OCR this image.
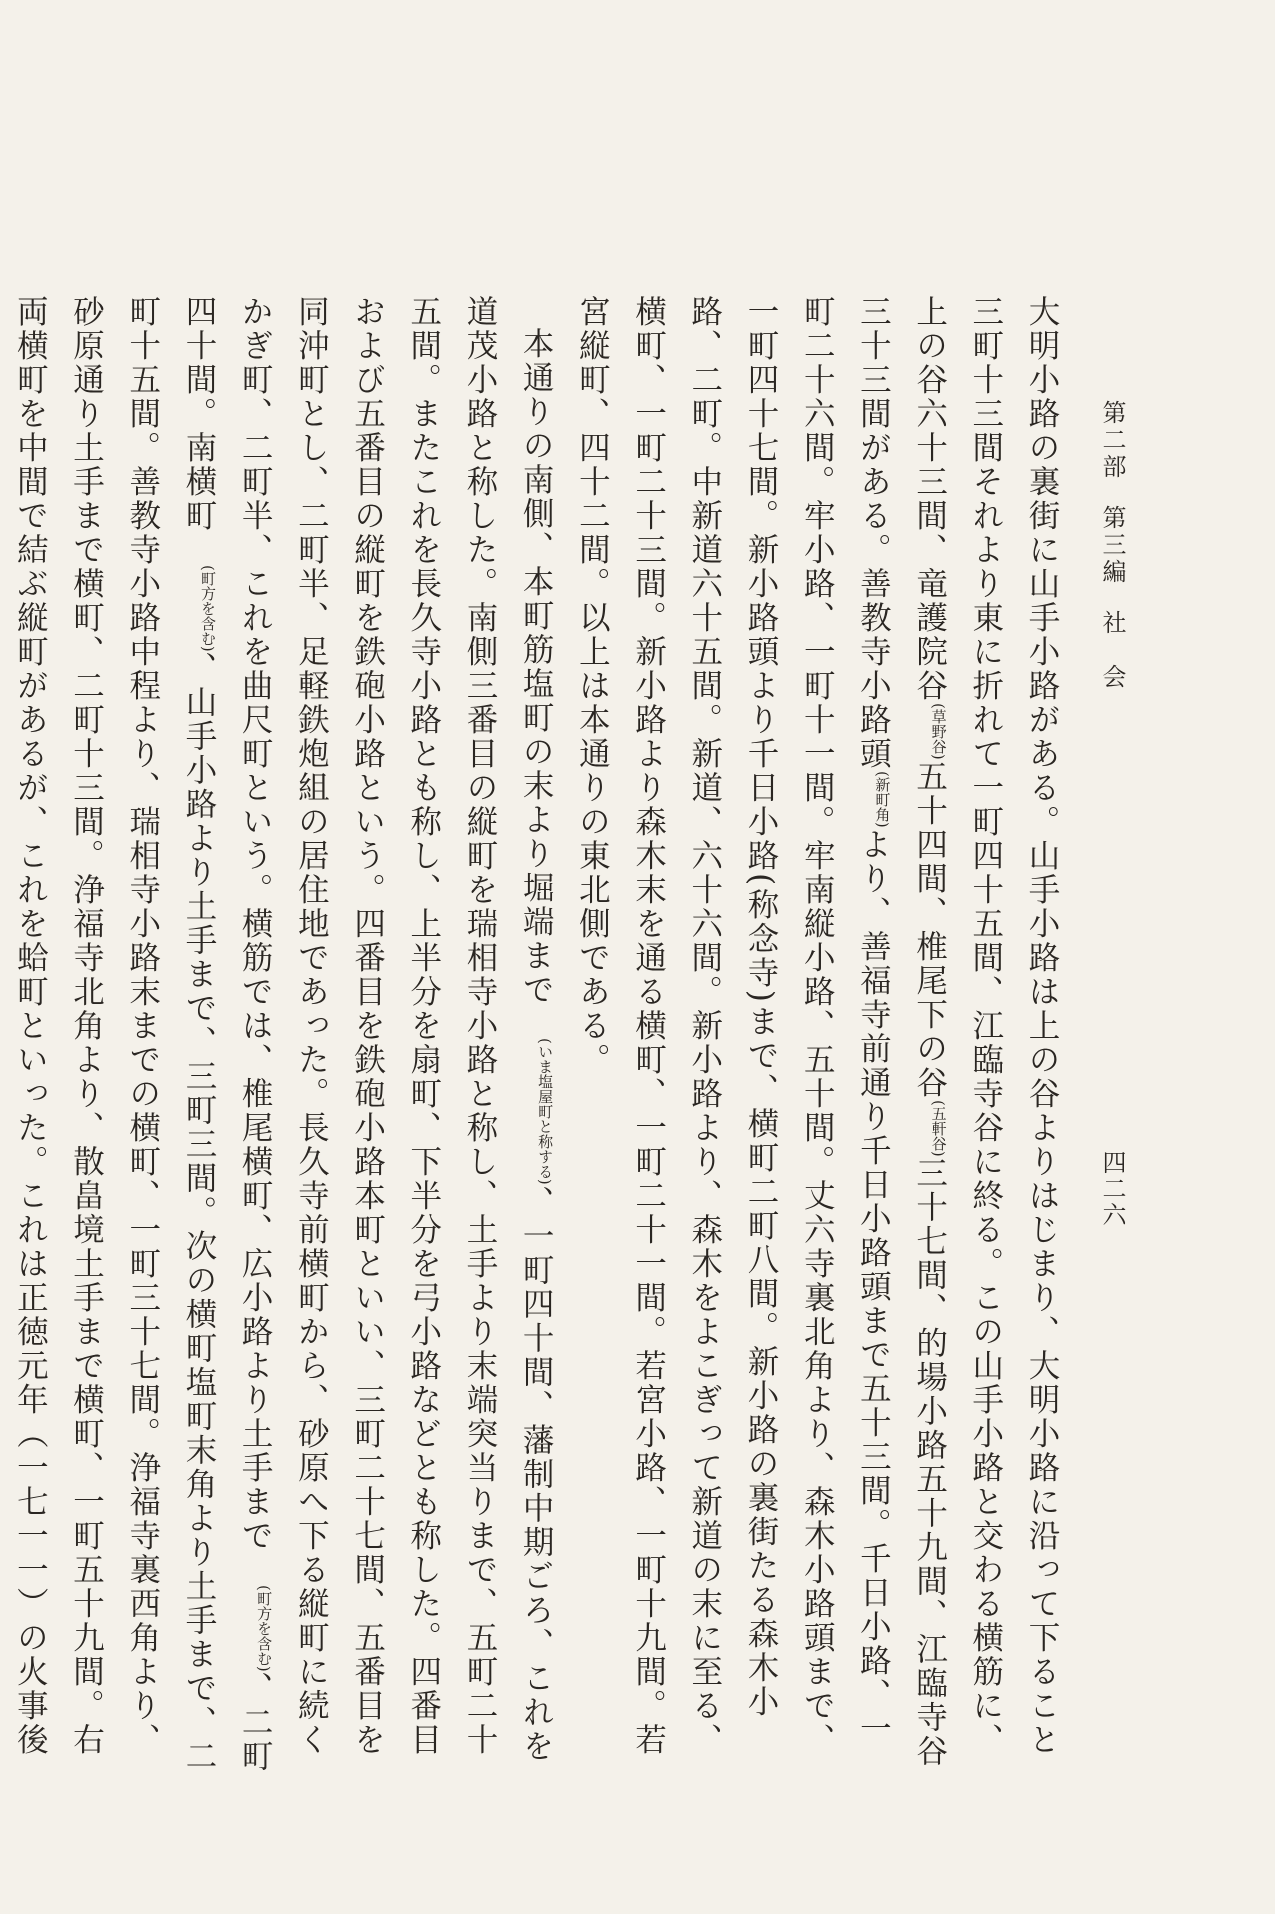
第二部第三編社　会
四二六

大明小路の裏街に山手小路がある。山手小路は上の谷よりはじまり、大明小路に沿って下ること三町十三間それより東に折れて一町四十五間、江臨寺谷に終る。この山手小路と交わる横筋に、上の谷六十三間、竜護院谷(草野谷)五十四間、椎尾下の谷(五軒谷)三十七間、的場小路五十九間、江臨寺谷三十三間がある。善教寺小路頭(新町角)より、善福寺前通り千日小路頭まで五十三間。千日小路、一町二十六間。牢小路、一町十一間。牢南縦小路、五十間。丈六寺裏北角より、森木小路頭まで、一町四十七間。新小路頭より千日小路(称念寺)まで、横町二町八間。新小路の裏街たる森木小路、二町。中新道六十五間。新道、六十六間。新小路より、森木をよこぎって新道の末に至る、横町、一町二十三間。新小路より森木末を通る横町、一町二十一間。若宮小路、一町十九間。若宮縦町、四十二間。以上は本通りの東北側である。

本通りの南側、本町筋塩町の末より堀端まで(いま塩屋町と称する)、一町四十間、藩制中期ごろ、これを道茂小路と称した。南側三番目の縦町を瑞相寺小路と称し、土手より末端突当りまで、五町二十五間。またこれを長久寺小路とも称し、上半分を扇町、下半分を弓小路などとも称した。四番目および五番目の縦町を鉄砲小路という。四番目を鉄砲小路本町といい、三町二十七間、五番目を同沖町とし、二町半、足軽鉄炮組の居住地であった。長久寺前横町から、砂原へ下る縦町に続くかぎ町、二町半、これを曲尺町という。横筋では、椎尾横町、広小路より土手まで(町方を含む)、二町四十間。南横町(町方を含む)、山手小路より土手まで、三町三間。次の横町塩町末角より土手まで、二町十五間。善教寺小路中程より、瑞相寺小路末までの横町、一町三十七間。浄福寺裏西角より、砂原通り土手まで横町、二町十三間。浄福寺北角より、散畠境土手まで横町、一町五十九間。右両横町を中間で結ぶ縦町があるが、これを蛤町といった。これは正徳元年（一七一一）の火事後
